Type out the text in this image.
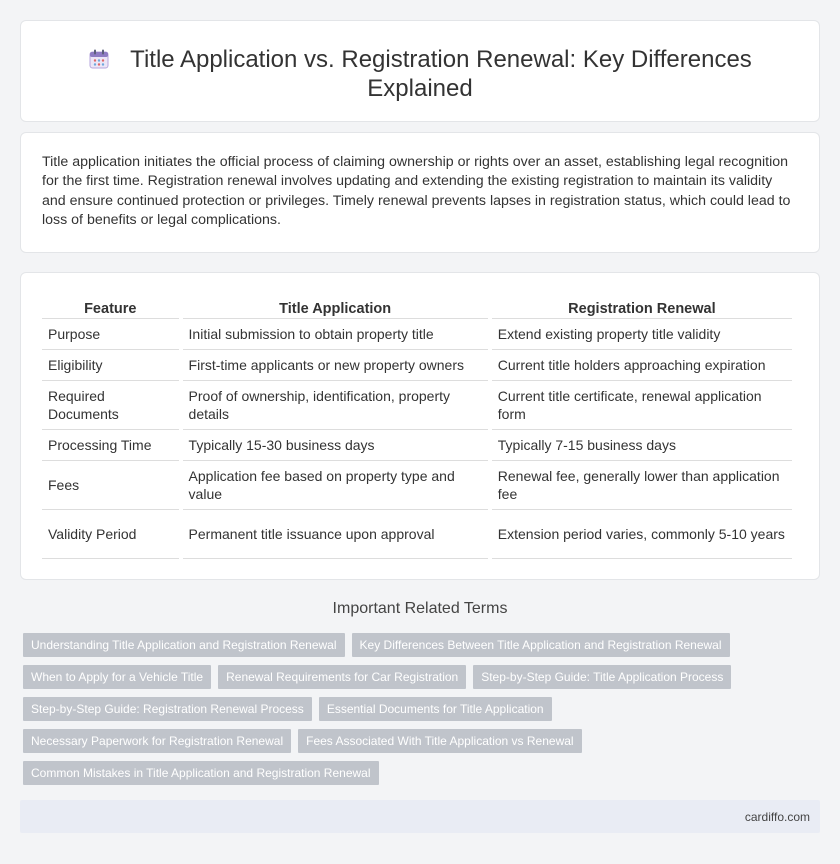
Title Application vs. Registration Renewal: Key Differences Explained

Title application initiates the official process of claiming ownership or rights over an asset, establishing legal recognition for the first time. Registration renewal involves updating and extending the existing registration to maintain its validity and ensure continued protection or privileges. Timely renewal prevents lapses in registration status, which could lead to loss of benefits or legal complications.

Feature	Title Application	Registration Renewal
Purpose	Initial submission to obtain property title	Extend existing property title validity
Eligibility	First-time applicants or new property owners	Current title holders approaching expiration
Required Documents	Proof of ownership, identification, property details	Current title certificate, renewal application form
Processing Time	Typically 15-30 business days	Typically 7-15 business days
Fees	Application fee based on property type and value	Renewal fee, generally lower than application fee
Validity Period	Permanent title issuance upon approval	Extension period varies, commonly 5-10 years
Important Related Terms
Understanding Title Application and Registration Renewal Key Differences Between Title Application and Registration Renewal
When to Apply for a Vehicle Title Renewal Requirements for Car Registration Step-by-Step Guide: Title Application Process
Step-by-Step Guide: Registration Renewal Process Essential Documents for Title Application
Necessary Paperwork for Registration Renewal Fees Associated With Title Application vs Renewal
Common Mistakes in Title Application and Registration Renewal
cardiffo.com
